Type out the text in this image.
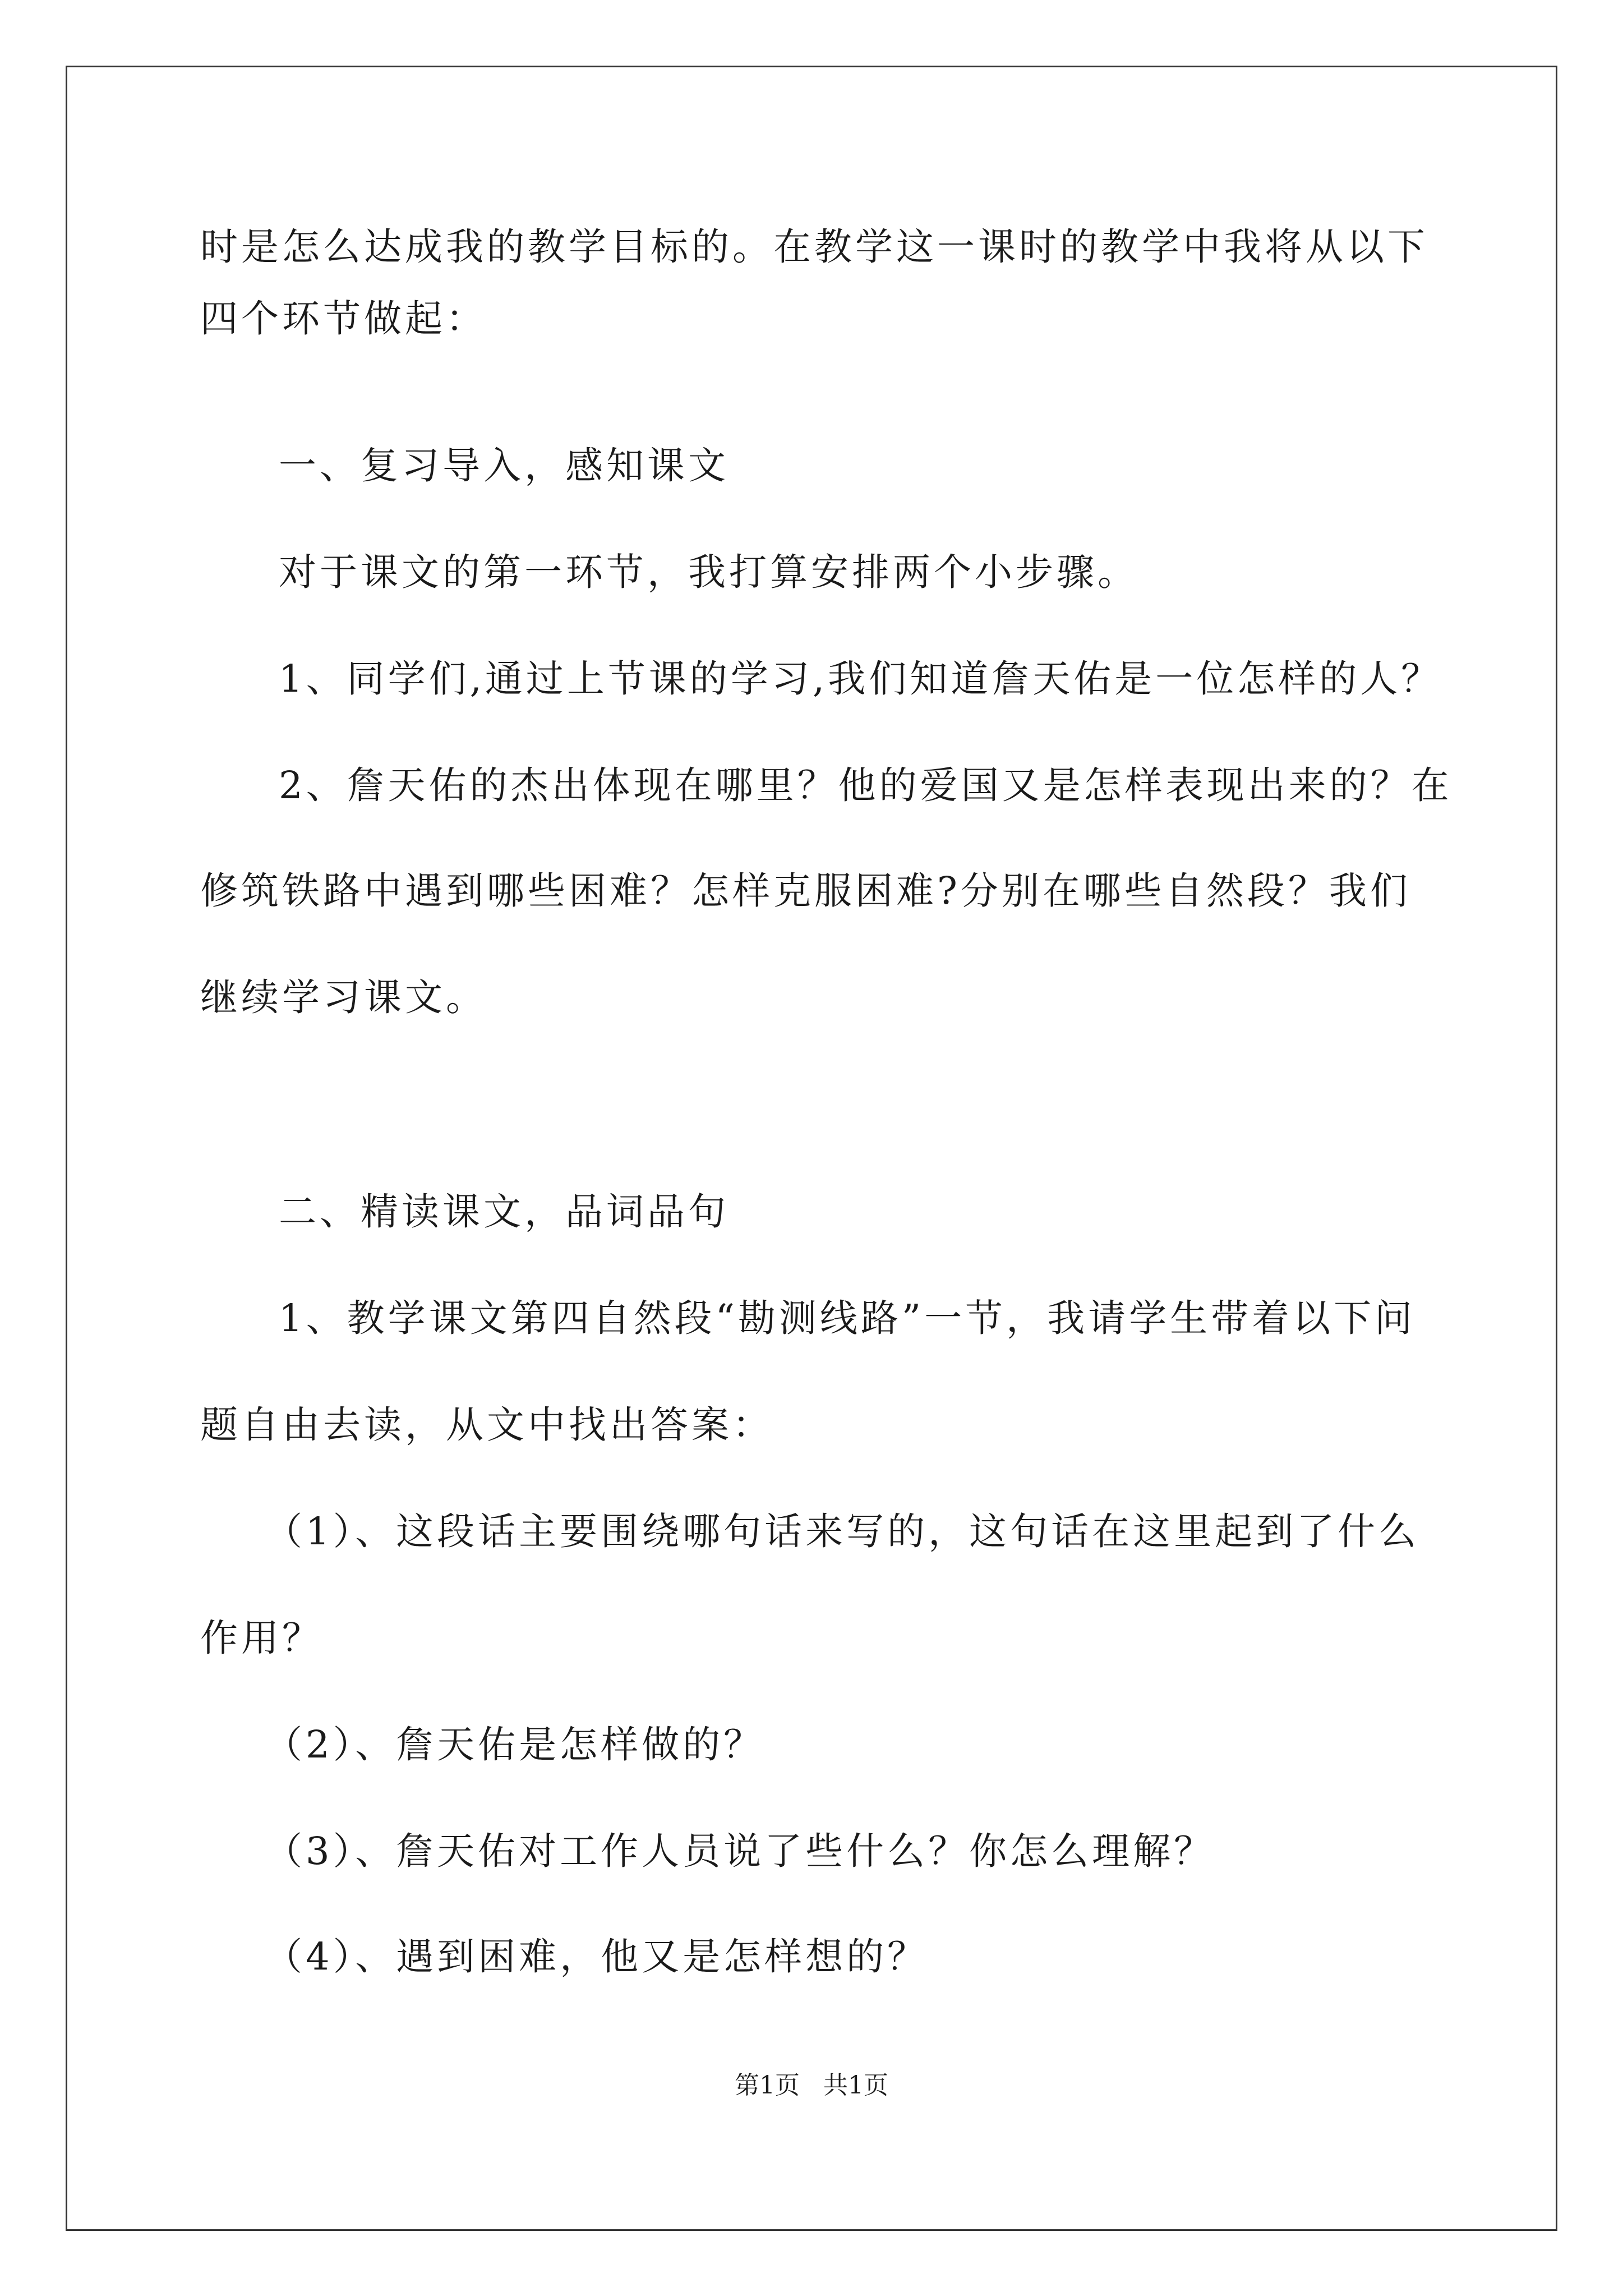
时是怎么达成我的教学目标的。在教学这一课时的教学中我将从以下
四个环节做起：
一、复习导入，感知课文
对于课文的第一环节，我打算安排两个小步骤。
1、同学们,通过上节课的学习,我们知道詹天佑是一位怎样的人？
2、詹天佑的杰出体现在哪里？他的爱国又是怎样表现出来的？在
修筑铁路中遇到哪些困难？怎样克服困难?分别在哪些自然段？我们
继续学习课文。
二、精读课文，品词品句
1、教学课文第四自然段“勘测线路”一节，我请学生带着以下问
题自由去读，从文中找出答案：
（1）、这段话主要围绕哪句话来写的，这句话在这里起到了什么
作用？
（2）、詹天佑是怎样做的？
（3）、詹天佑对工作人员说了些什么？你怎么理解？
（4）、遇到困难，他又是怎样想的？
第1页   共1页
